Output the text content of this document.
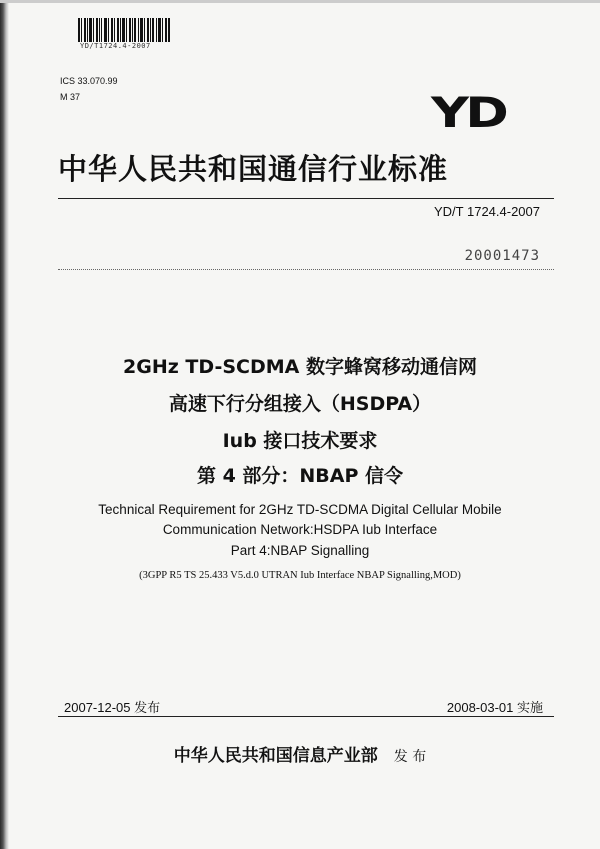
YD/T1724.4-2007
ICS 33.070.99
M 37	YD
中华人民共和国通信行业标准
YD/T 1724.4-2007
20001473
2GHz TD-SCDMA 数字蜂窝移动通信网
高速下行分组接入（HSDPA）
Iub 接口技术要求
第 4 部分：NBAP 信令
Technical Requirement for 2GHz TD-SCDMA Digital Cellular Mobile
Communication Network:HSDPA Iub Interface
Part 4:NBAP Signalling
(3GPP R5 TS 25.433 V5.d.0 UTRAN Iub Interface NBAP Signalling,MOD)
2007-12-05 发布	2008-03-01 实施
中华人民共和国信息产业部 发 布
